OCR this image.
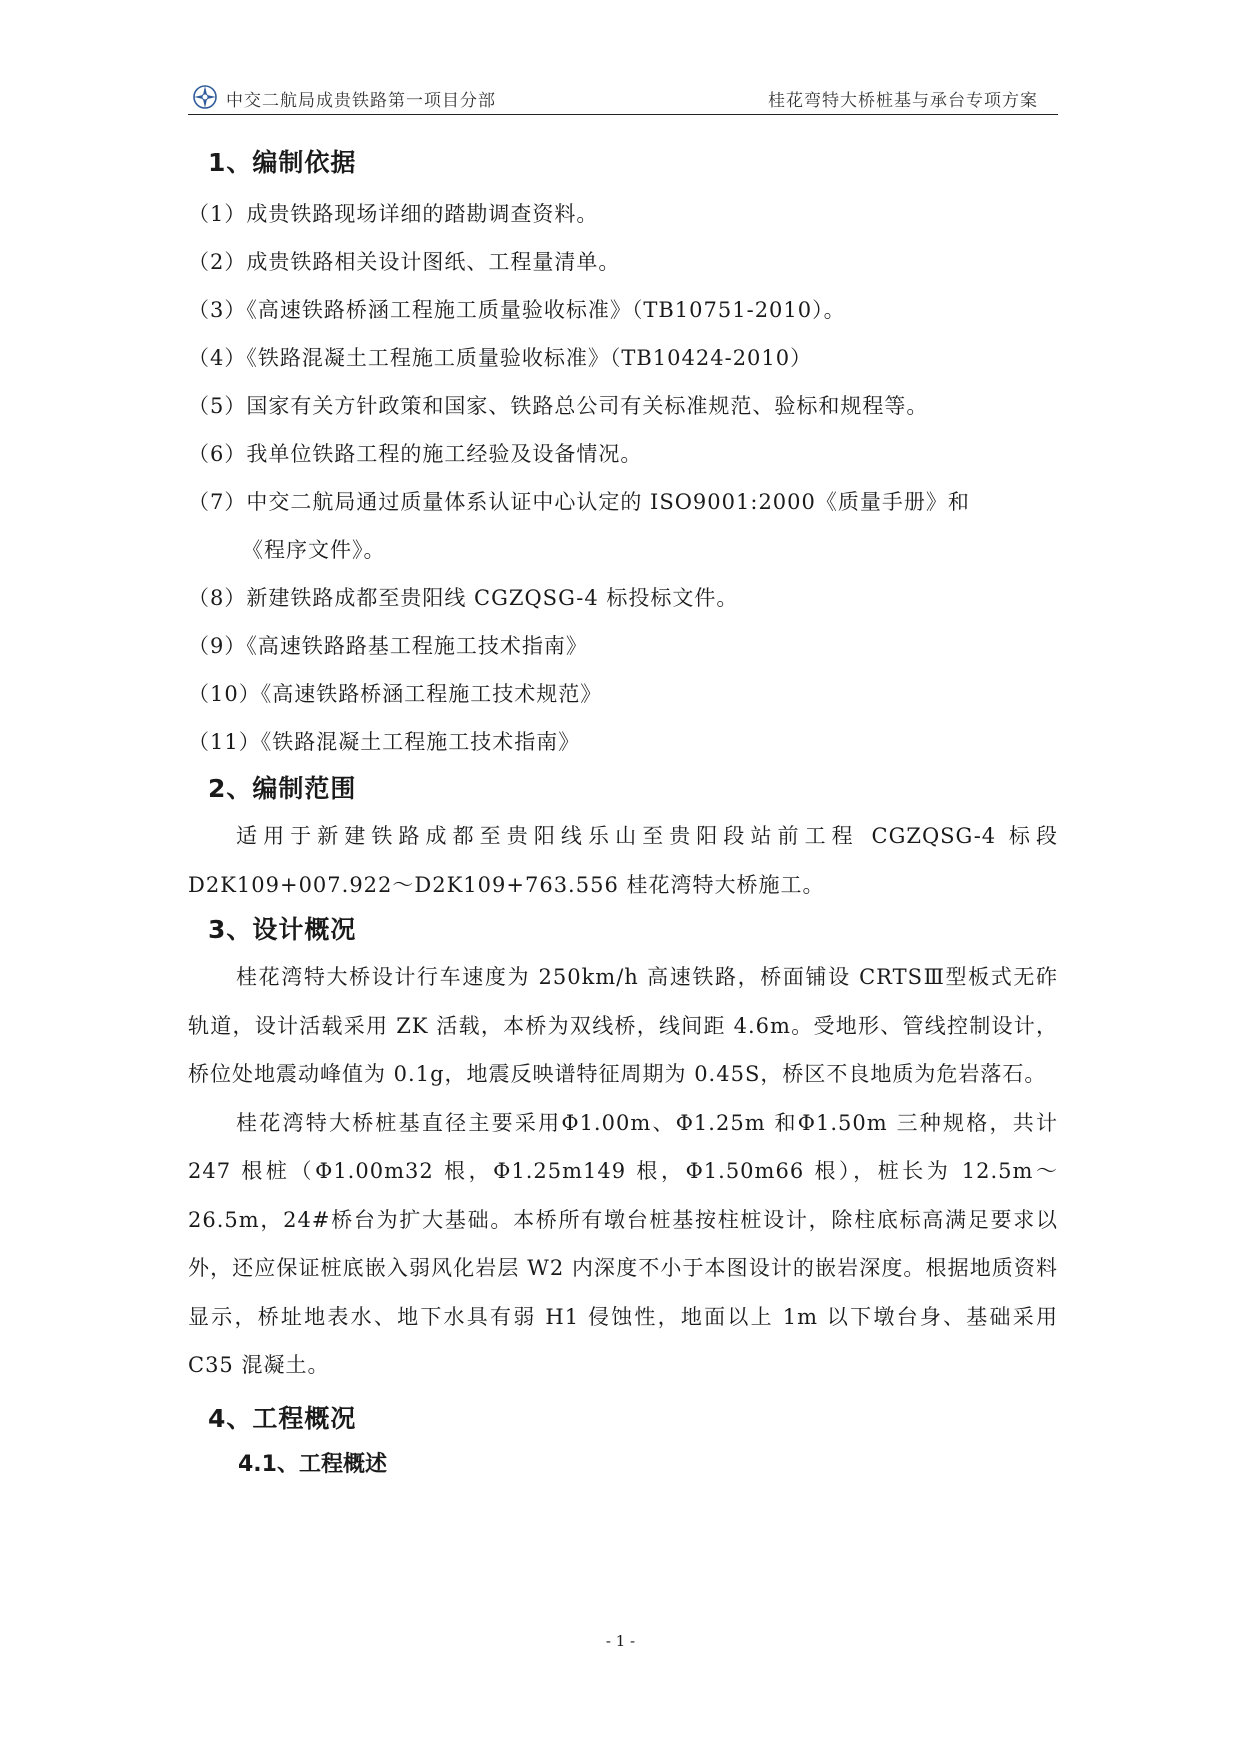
中交二航局成贵铁路第一项目分部	桂花弯特大桥桩基与承台专项方案
1、编制依据

（1）成贵铁路现场详细的踏勘调查资料。

（2）成贵铁路相关设计图纸、工程量清单。

（3）《高速铁路桥涵工程施工质量验收标准》（TB10751-2010）。

（4）《铁路混凝土工程施工质量验收标准》（TB10424-2010）

（5）国家有关方针政策和国家、铁路总公司有关标准规范、验标和规程等。

（6）我单位铁路工程的施工经验及设备情况。

（7）中交二航局通过质量体系认证中心认定的 ISO9001:2000《质量手册》和

《程序文件》。

（8）新建铁路成都至贵阳线 CGZQSG-4 标投标文件。

（9）《高速铁路路基工程施工技术指南》

（10）《高速铁路桥涵工程施工技术规范》

（11）《铁路混凝土工程施工技术指南》

2、编制范围

适用于新建铁路成都至贵阳线乐山至贵阳段站前工程 CGZQSG-4 标段 D2K109+007.922～D2K109+763.556 桂花湾特大桥施工。

3、设计概况

桂花湾特大桥设计行车速度为 250km/h 高速铁路，桥面铺设 CRTSⅢ型板式无砟轨道，设计活载采用 ZK 活载，本桥为双线桥，线间距 4.6m。受地形、管线控制设计，桥位处地震动峰值为 0.1g，地震反映谱特征周期为 0.45S，桥区不良地质为危岩落石。

桂花湾特大桥桩基直径主要采用Φ1.00m、Φ1.25m 和Φ1.50m 三种规格，共计 247 根桩（Φ1.00m32 根，Φ1.25m149 根，Φ1.50m66 根），桩长为 12.5m～26.5m，24#桥台为扩大基础。本桥所有墩台桩基按柱桩设计，除柱底标高满足要求以外，还应保证桩底嵌入弱风化岩层 W2 内深度不小于本图设计的嵌岩深度。根据地质资料显示，桥址地表水、地下水具有弱 H1 侵蚀性，地面以上 1m 以下墩台身、基础采用 C35 混凝土。

4、工程概况
4.1、工程概述
- 1 -
